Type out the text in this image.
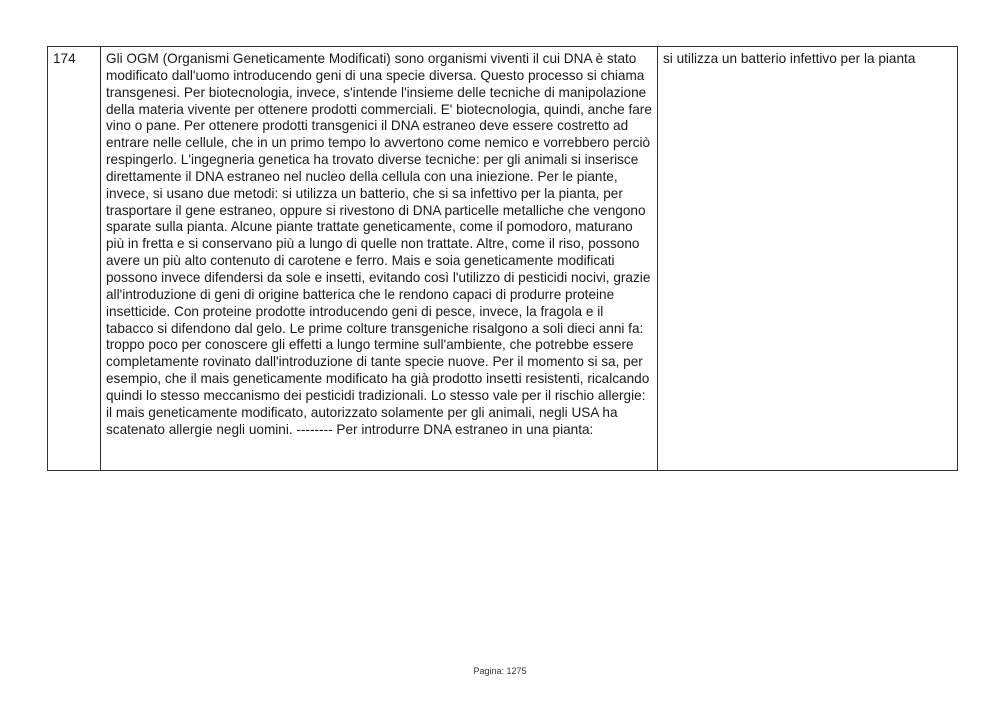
174	Gli OGM (Organismi Geneticamente Modificati) sono organismi viventi il cui DNA è stato modificato dall'uomo introducendo geni di una specie diversa. Questo processo si chiama transgenesi. Per biotecnologia, invece, s'intende l'insieme delle tecniche di manipolazione della materia vivente per ottenere prodotti commerciali. E' biotecnologia, quindi, anche fare vino o pane. Per ottenere prodotti transgenici il DNA estraneo deve essere costretto ad entrare nelle cellule, che in un primo tempo lo avvertono come nemico e vorrebbero perciò respingerlo. L'ingegneria genetica ha trovato diverse tecniche: per gli animali si inserisce direttamente il DNA estraneo nel nucleo della cellula con una iniezione. Per le piante, invece, si usano due metodi: si utilizza un batterio, che si sa infettivo per la pianta, per trasportare il gene estraneo, oppure si rivestono di DNA particelle metalliche che vengono sparate sulla pianta. Alcune piante trattate geneticamente, come il pomodoro, maturano più in fretta e si conservano più a lungo di quelle non trattate. Altre, come il riso, possono avere un più alto contenuto di carotene e ferro. Mais e soia geneticamente modificati possono invece difendersi da sole e insetti, evitando così l'utilizzo di pesticidi nocivi, grazie all'introduzione di geni di origine batterica che le rendono capaci di produrre proteine insetticide. Con proteine prodotte introducendo geni di pesce, invece, la fragola e il tabacco si difendono dal gelo. Le prime colture transgeniche risalgono a soli dieci anni fa: troppo poco per conoscere gli effetti a lungo termine sull'ambiente, che potrebbe essere completamente rovinato dall'introduzione di tante specie nuove. Per il momento si sa, per esempio, che il mais geneticamente modificato ha già prodotto insetti resistenti, ricalcando quindi lo stesso meccanismo dei pesticidi tradizionali. Lo stesso vale per il rischio allergie: il mais geneticamente modificato, autorizzato solamente per gli animali, negli USA ha scatenato allergie negli uomini. -------- Per introdurre DNA estraneo in una pianta:	si utilizza un batterio infettivo per la pianta
Pagina: 1275
